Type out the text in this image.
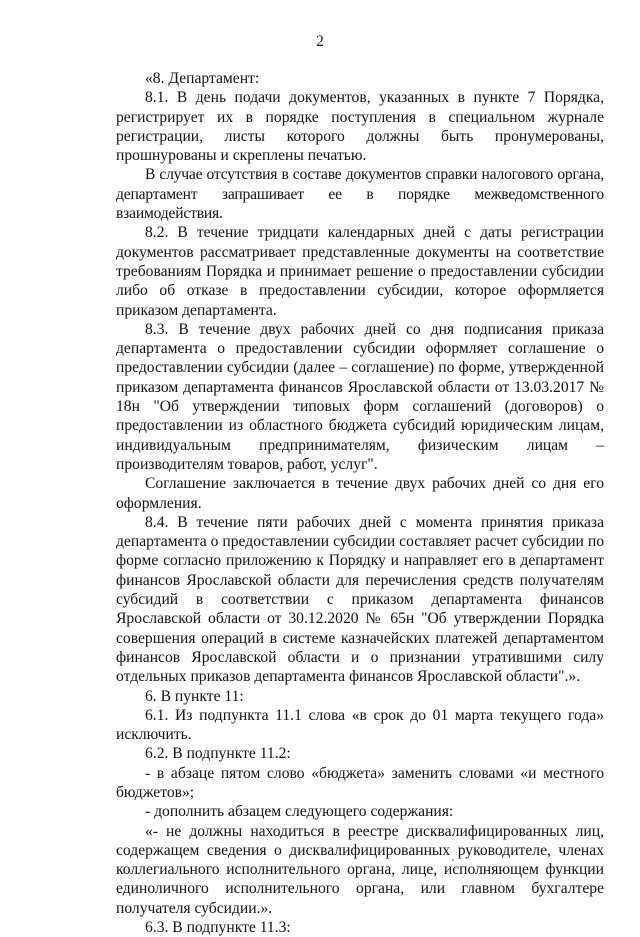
2

«8. Департамент:

8.1. В день подачи документов, указанных в пункте 7 Порядка, регистрирует их в порядке поступления в специальном журнале регистрации, листы которого должны быть пронумерованы, прошнурованы и скреплены печатью.

В случае отсутствия в составе документов справки налогового органа, департамент запрашивает ее в порядке межведомственного взаимодействия.

8.2. В течение тридцати календарных дней с даты регистрации документов рассматривает представленные документы на соответствие требованиям Порядка и принимает решение о предоставлении субсидии либо об отказе в предоставлении субсидии, которое оформляется приказом департамента.

8.3. В течение двух рабочих дней со дня подписания приказа департамента о предоставлении субсидии оформляет соглашение о предоставлении субсидии (далее – соглашение) по форме, утвержденной приказом департамента финансов Ярославской области от 13.03.2017 № 18н "Об утверждении типовых форм соглашений (договоров) о предоставлении из областного бюджета субсидий юридическим лицам, индивидуальным предпринимателям, физическим лицам – производителям товаров, работ, услуг".

Соглашение заключается в течение двух рабочих дней со дня его оформления.

8.4. В течение пяти рабочих дней с момента принятия приказа департамента о предоставлении субсидии составляет расчет субсидии по форме согласно приложению к Порядку и направляет его в департамент финансов Ярославской области для перечисления средств получателям субсидий в соответствии с приказом департамента финансов Ярославской области от 30.12.2020 № 65н "Об утверждении Порядка совершения операций в системе казначейских платежей департаментом финансов Ярославской области и о признании утратившими силу отдельных приказов департамента финансов Ярославской области".».

6. В пункте 11:

6.1. Из подпункта 11.1 слова «в срок до 01 марта текущего года» исключить.

6.2. В подпункте 11.2:

- в абзаце пятом слово «бюджета» заменить словами «и местного бюджетов»;

- дополнить абзацем следующего содержания:

«- не должны находиться в реестре дисквалифицированных лиц, содержащем сведения о дисквалифицированных руководителе, членах коллегиального исполнительного органа, лице, исполняющем функции единоличного исполнительного органа, или главном бухгалтере получателя субсидии.».

6.3. В подпункте 11.3:
